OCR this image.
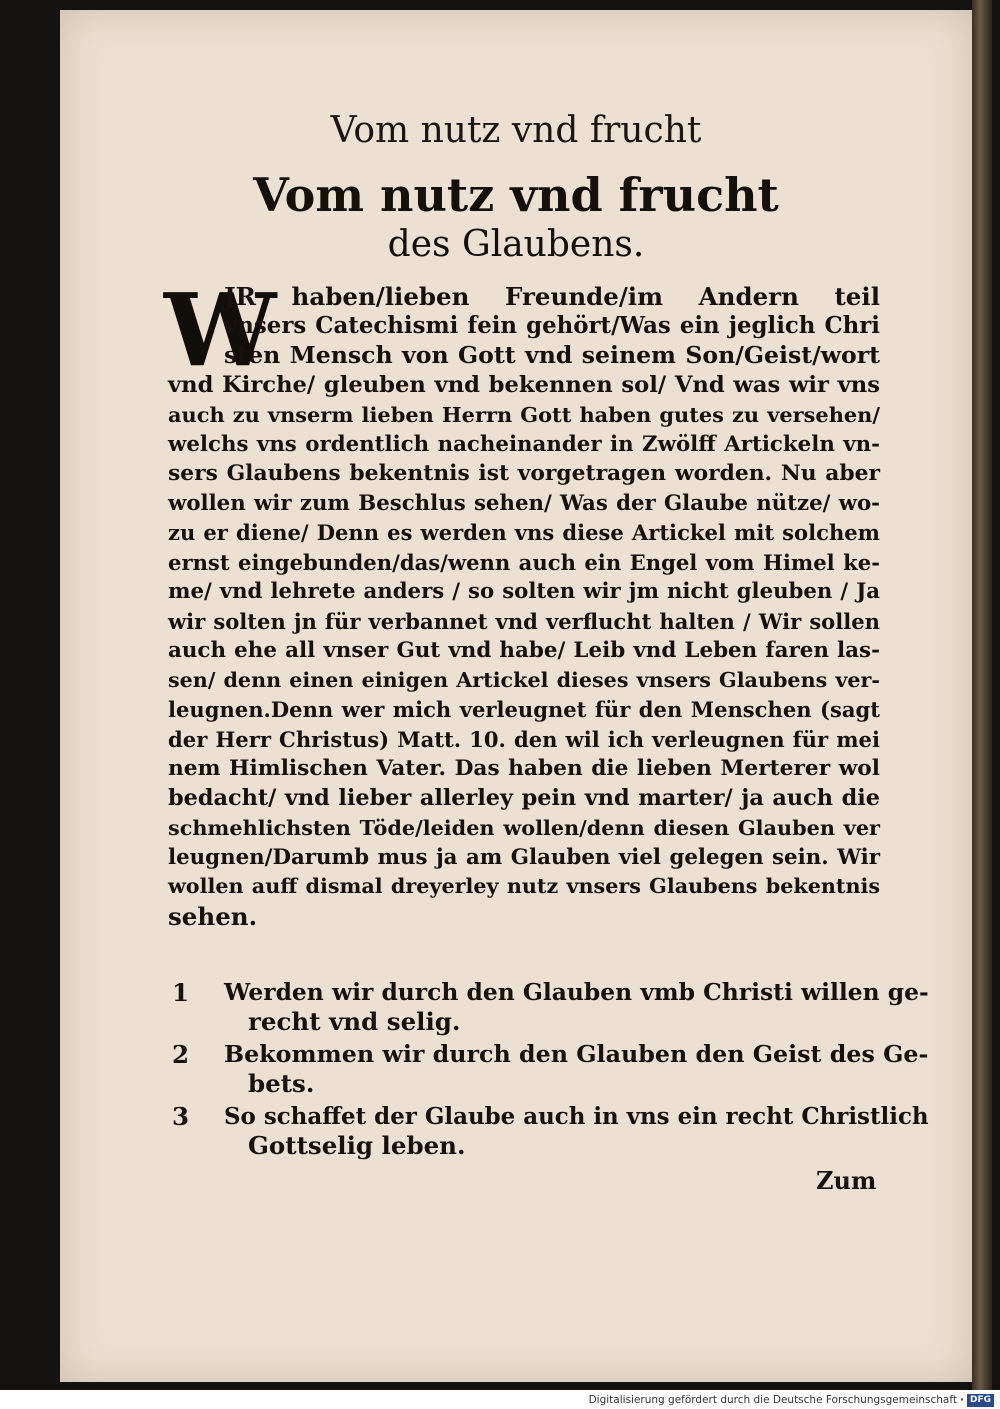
Vom nutz vnd frucht
Vom nutz vnd frucht
des Glaubens.
W
JR haben/lieben Freunde/im Andern teil
vnsers Catechismi fein gehört/Was ein jeglich Chri
sten Mensch von Gott vnd seinem Son/Geist/wort
vnd Kirche/ gleuben vnd bekennen sol/ Vnd was wir vns
auch zu vnserm lieben Herrn Gott haben gutes zu versehen/
welchs vns ordentlich nacheinander in Zwölff Artickeln vn-
sers Glaubens bekentnis ist vorgetragen worden. Nu aber
wollen wir zum Beschlus sehen/ Was der Glaube nütze/ wo-
zu er diene/ Denn es werden vns diese Artickel mit solchem
ernst eingebunden/das/wenn auch ein Engel vom Himel ke-
me/ vnd lehrete anders / so solten wir jm nicht gleuben / Ja
wir solten jn für verbannet vnd verflucht halten / Wir sollen
auch ehe all vnser Gut vnd habe/ Leib vnd Leben faren las-
sen/ denn einen einigen Artickel dieses vnsers Glaubens ver-
leugnen.Denn wer mich verleugnet für den Menschen (sagt
der Herr Christus) Matt. 10. den wil ich verleugnen für mei
nem Himlischen Vater. Das haben die lieben Merterer wol
bedacht/ vnd lieber allerley pein vnd marter/ ja auch die
schmehlichsten Töde/leiden wollen/denn diesen Glauben ver
leugnen/Darumb mus ja am Glauben viel gelegen sein. Wir
wollen auff dismal dreyerley nutz vnsers Glaubens bekentnis
sehen.
1	Werden wir durch den Glauben vmb Christi willen ge-
recht vnd selig.
2	Bekommen wir durch den Glauben den Geist des Ge-
bets.
3	So schaffet der Glaube auch in vns ein recht Christlich
Gottselig leben.
Zum
Digitalisierung gefördert durch die Deutsche Forschungsgemeinschaft · DFG
